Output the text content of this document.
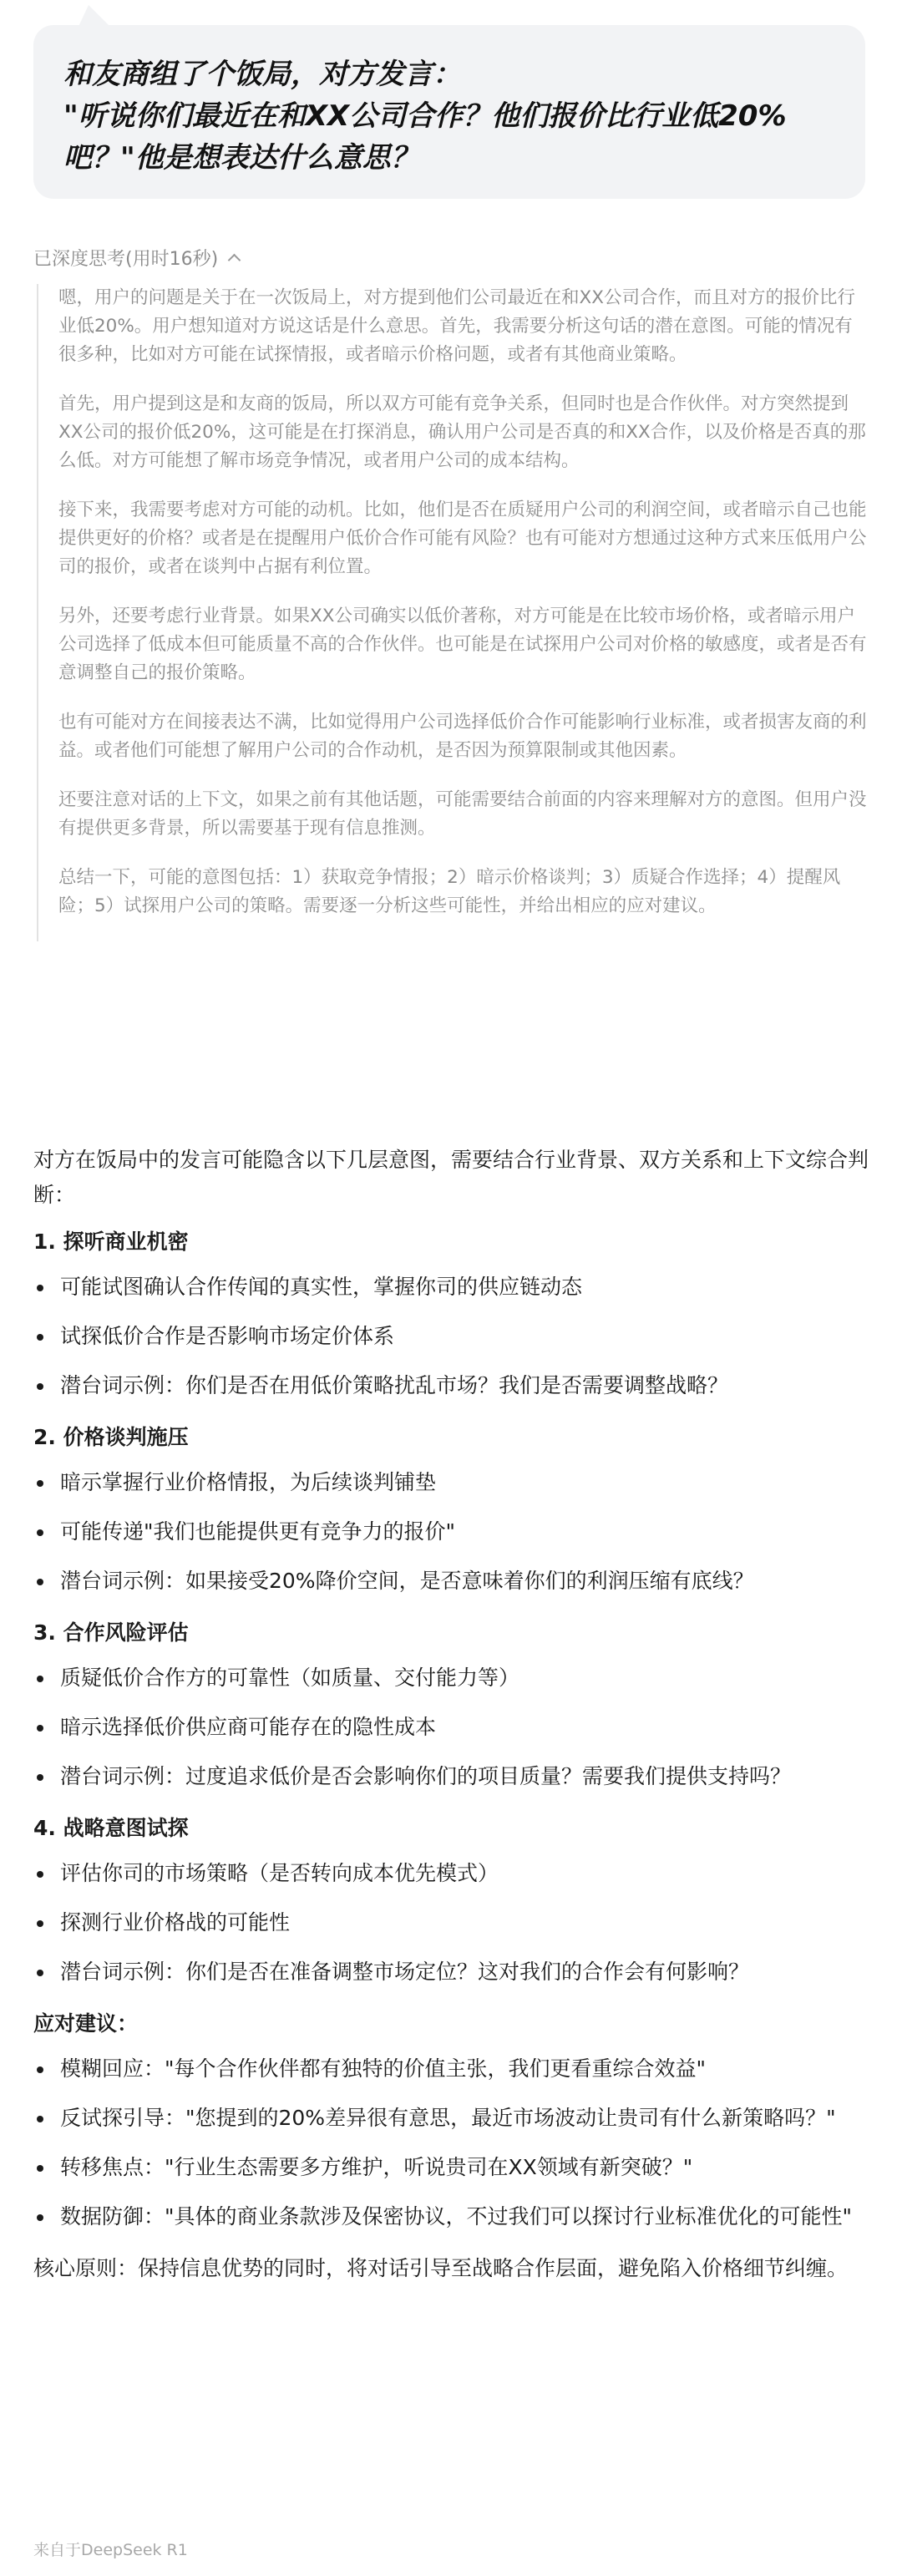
和友商组了个饭局，对方发言：
"听说你们最近在和XX公司合作？他们报价比行业低20%
吧？"他是想表达什么意思？
已深度思考(用时16秒)

嗯，用户的问题是关于在一次饭局上，对方提到他们公司最近在和XX公司合作，而且对方的报价比行业低20%。用户想知道对方说这话是什么意思。首先，我需要分析这句话的潜在意图。可能的情况有很多种，比如对方可能在试探情报，或者暗示价格问题，或者有其他商业策略。

首先，用户提到这是和友商的饭局，所以双方可能有竞争关系，但同时也是合作伙伴。对方突然提到XX公司的报价低20%，这可能是在打探消息，确认用户公司是否真的和XX合作，以及价格是否真的那么低。对方可能想了解市场竞争情况，或者用户公司的成本结构。

接下来，我需要考虑对方可能的动机。比如，他们是否在质疑用户公司的利润空间，或者暗示自己也能提供更好的价格？或者是在提醒用户低价合作可能有风险？也有可能对方想通过这种方式来压低用户公司的报价，或者在谈判中占据有利位置。

另外，还要考虑行业背景。如果XX公司确实以低价著称，对方可能是在比较市场价格，或者暗示用户公司选择了低成本但可能质量不高的合作伙伴。也可能是在试探用户公司对价格的敏感度，或者是否有意调整自己的报价策略。

也有可能对方在间接表达不满，比如觉得用户公司选择低价合作可能影响行业标准，或者损害友商的利益。或者他们可能想了解用户公司的合作动机，是否因为预算限制或其他因素。

还要注意对话的上下文，如果之前有其他话题，可能需要结合前面的内容来理解对方的意图。但用户没有提供更多背景，所以需要基于现有信息推测。

总结一下，可能的意图包括：1）获取竞争情报；2）暗示价格谈判；3）质疑合作选择；4）提醒风险；5）试探用户公司的策略。需要逐一分析这些可能性，并给出相应的应对建议。

对方在饭局中的发言可能隐含以下几层意图，需要结合行业背景、双方关系和上下文综合判断：

1. 探听商业机密
可能试图确认合作传闻的真实性，掌握你司的供应链动态
试探低价合作是否影响市场定价体系
潜台词示例：你们是否在用低价策略扰乱市场？我们是否需要调整战略？
2. 价格谈判施压
暗示掌握行业价格情报，为后续谈判铺垫
可能传递"我们也能提供更有竞争力的报价"
潜台词示例：如果接受20%降价空间，是否意味着你们的利润压缩有底线？
3. 合作风险评估
质疑低价合作方的可靠性（如质量、交付能力等）
暗示选择低价供应商可能存在的隐性成本
潜台词示例：过度追求低价是否会影响你们的项目质量？需要我们提供支持吗？
4. 战略意图试探
评估你司的市场策略（是否转向成本优先模式）
探测行业价格战的可能性
潜台词示例：你们是否在准备调整市场定位？这对我们的合作会有何影响？
应对建议：
模糊回应："每个合作伙伴都有独特的价值主张，我们更看重综合效益"
反试探引导："您提到的20%差异很有意思，最近市场波动让贵司有什么新策略吗？"
转移焦点："行业生态需要多方维护，听说贵司在XX领域有新突破？"
数据防御："具体的商业条款涉及保密协议，不过我们可以探讨行业标准优化的可能性"

核心原则：保持信息优势的同时，将对话引导至战略合作层面，避免陷入价格细节纠缠。

来自于DeepSeek R1
